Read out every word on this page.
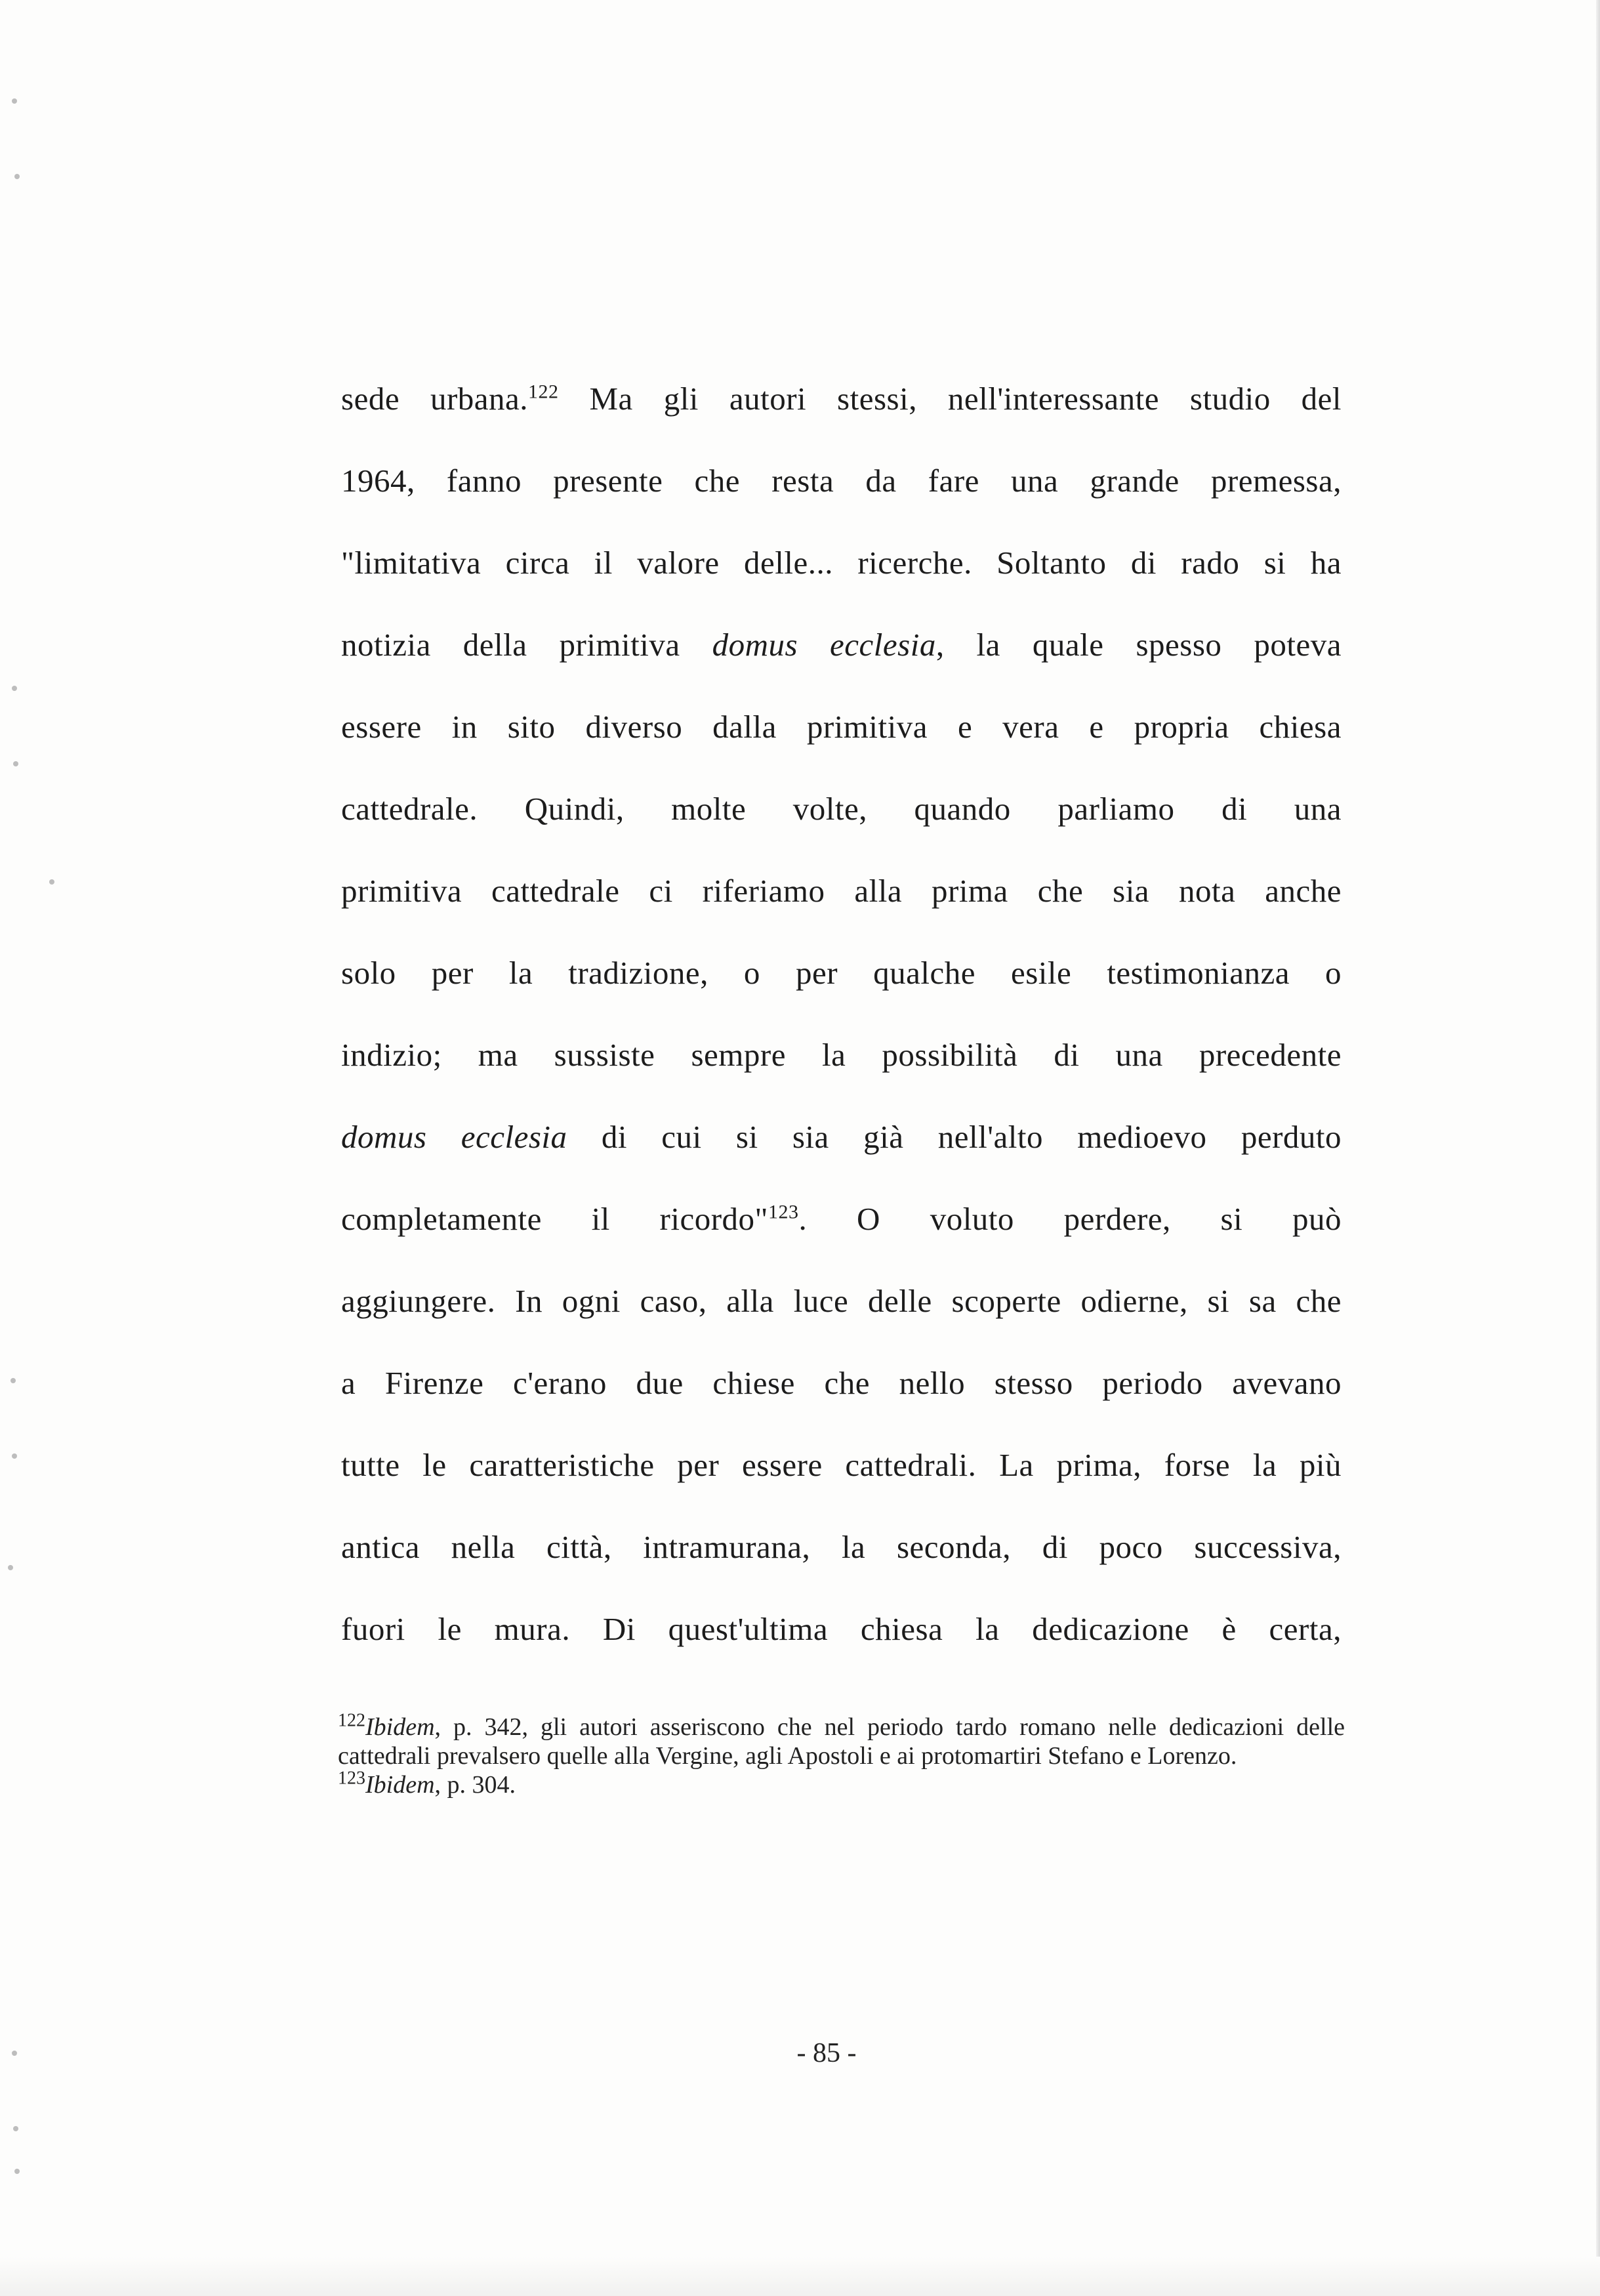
sede urbana.$^{122}$ Ma gli autori stessi, nell'interessante studio del
1964, fanno presente che resta da fare una grande premessa,
"limitativa circa il valore delle... ricerche. Soltanto di rado si ha
notizia della primitiva domus ecclesia, la quale spesso poteva
essere in sito diverso dalla primitiva e vera e propria chiesa
cattedrale. Quindi, molte volte, quando parliamo di una
primitiva cattedrale ci riferiamo alla prima che sia nota anche
solo per la tradizione, o per qualche esile testimonianza o
indizio; ma sussiste sempre la possibilità di una precedente
domus ecclesia di cui si sia già nell'alto medioevo perduto
completamente il ricordo"$^{123}$. O voluto perdere, si può
aggiungere. In ogni caso, alla luce delle scoperte odierne, si sa che
a Firenze c'erano due chiese che nello stesso periodo avevano
tutte le caratteristiche per essere cattedrali. La prima, forse la più
antica nella città, intramurana, la seconda, di poco successiva,
fuori le mura. Di quest'ultima chiesa la dedicazione è certa,
$^{122}$Ibidem, p. 342, gli autori asseriscono che nel periodo tardo romano nelle dedicazioni delle cattedrali prevalsero quelle alla Vergine, agli Apostoli e ai protomartiri Stefano e Lorenzo.
$^{123}$Ibidem, p. 304.
- 85 -
